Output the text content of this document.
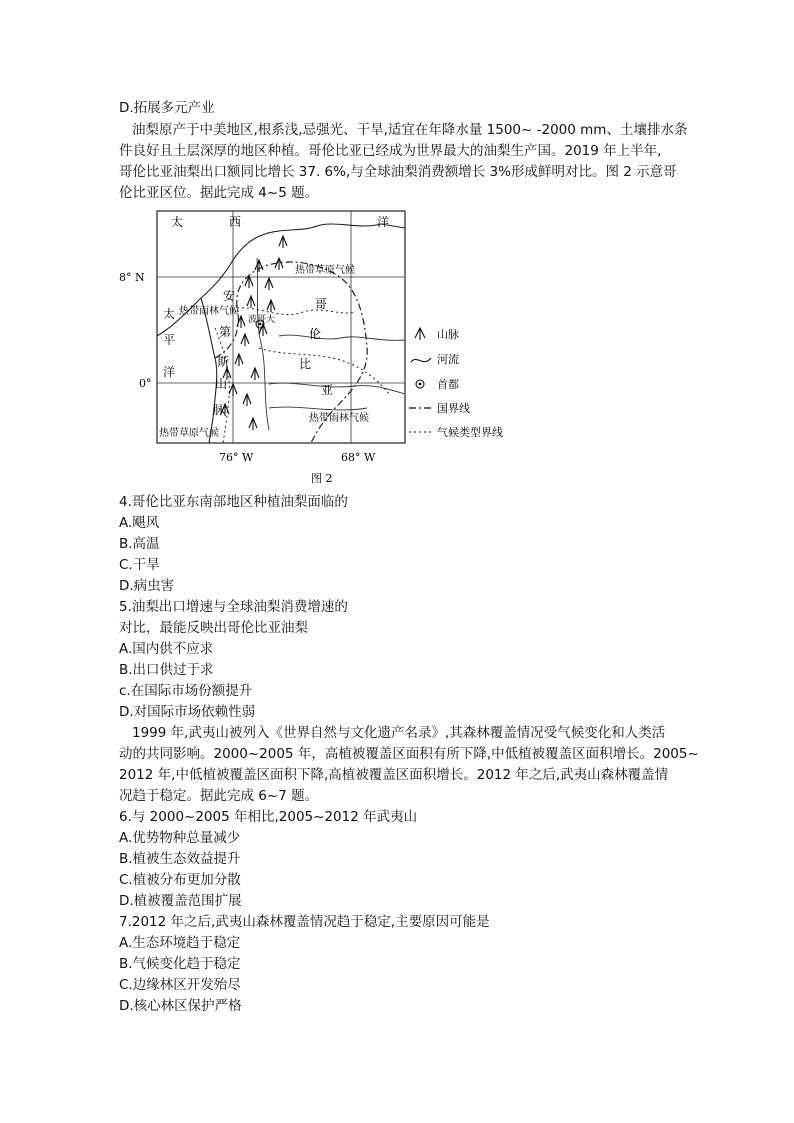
D.拓展多元产业
油梨原产于中美地区,根系浅,忌强光、干旱,适宜在年降水量 1500~ -2000 mm、土壤排水条
件良好且土层深厚的地区种植。哥伦比亚已经成为世界最大的油梨生产国。2019 年上半年,
哥伦比亚油梨出口额同比增长 37. 6%,与全球油梨消费额增长 3%形成鲜明对比。图 2 示意哥
伦比亚区位。据此完成 4~5 题。
太	西	洋
太
平
洋
热带草原气候
热带雨林气候
热带草原气候
热带雨林气候
哥
伦
比
亚
安
第
斯
山
脉
波哥大
8° N
0°
76° W	68° W
图 2
山脉
河流
首都
国界线
气候类型界线
4.哥伦比亚东南部地区种植油梨面临的
A.飓风
B.高温
C.干旱
D.病虫害
5.油梨出口增速与全球油梨消费增速的
对比，最能反映出哥伦比亚油梨
A.国内供不应求
B.出口供过于求
c.在国际市场份额提升
D.对国际市场依赖性弱
1999 年,武夷山被列入《世界自然与文化遗产名录》,其森林覆盖情况受气候变化和人类活
动的共同影响。2000~2005 年，高植被覆盖区面积有所下降,中低植被覆盖区面积增长。2005~
2012 年,中低植被覆盖区面积下降,高植被覆盖区面积增长。2012 年之后,武夷山森林覆盖情
况趋于稳定。据此完成 6~7 题。
6.与 2000~2005 年相比,2005~2012 年武夷山
A.优势物种总量减少
B.植被生态效益提升
C.植被分布更加分散
D.植被覆盖范围扩展
7.2012 年之后,武夷山森林覆盖情况趋于稳定,主要原因可能是
A.生态环境趋于稳定
B.气候变化趋于稳定
C.边缘林区开发殆尽
D.核心林区保护严格
